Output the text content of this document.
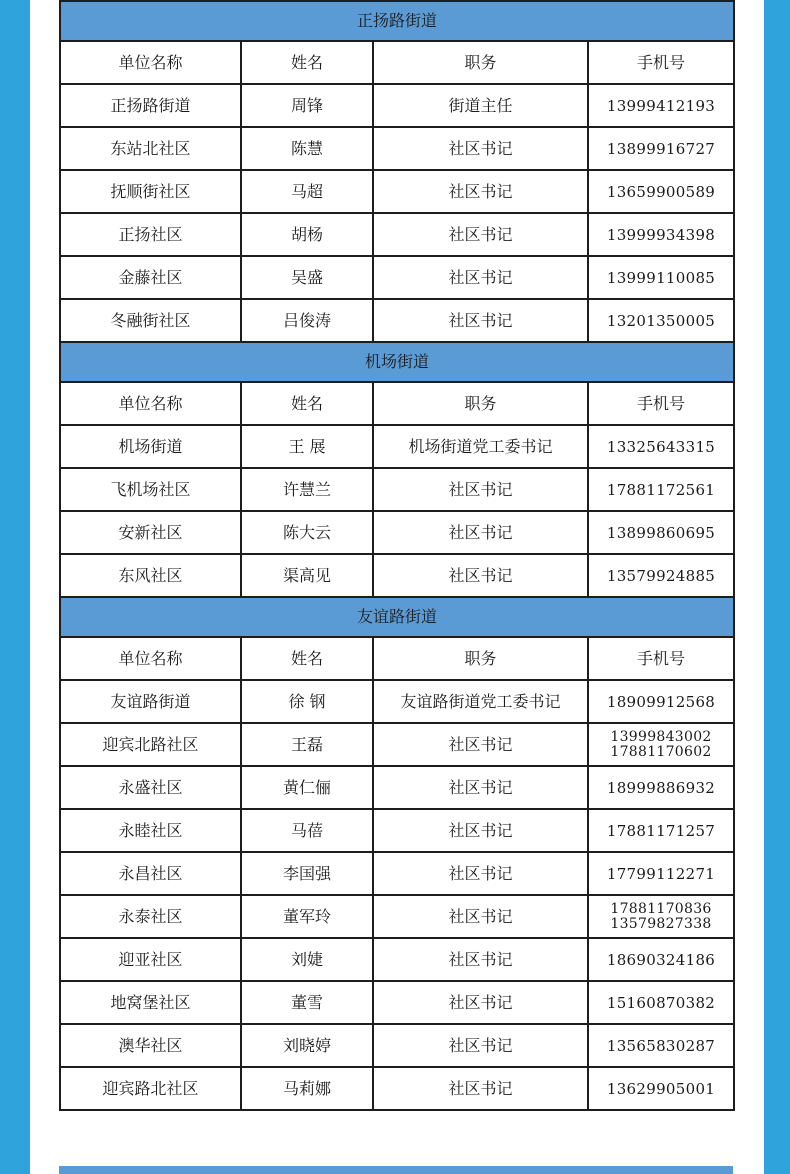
正扬路街道			
单位名称	姓名	职务	手机号
正扬路街道	周锋	街道主任	13999412193
东站北社区	陈慧	社区书记	13899916727
抚顺街社区	马超	社区书记	13659900589
正扬社区	胡杨	社区书记	13999934398
金藤社区	吴盛	社区书记	13999110085
冬融街社区	吕俊涛	社区书记	13201350005
机场街道			
单位名称	姓名	职务	手机号
机场街道	王 展	机场街道党工委书记	13325643315
飞机场社区	许慧兰	社区书记	17881172561
安新社区	陈大云	社区书记	13899860695
东风社区	渠高见	社区书记	13579924885
友谊路街道			
单位名称	姓名	职务	手机号
友谊路街道	徐 钢	友谊路街道党工委书记	18909912568
迎宾北路社区	王磊	社区书记	13999843002
17881170602

永盛社区	黄仁俪	社区书记	18999886932
永睦社区	马蓓	社区书记	17881171257
永昌社区	李国强	社区书记	17799112271
永泰社区	董军玲	社区书记	17881170836
13579827338

迎亚社区	刘婕	社区书记	18690324186
地窝堡社区	董雪	社区书记	15160870382
澳华社区	刘晓婷	社区书记	13565830287
迎宾路北社区	马莉娜	社区书记	13629905001
